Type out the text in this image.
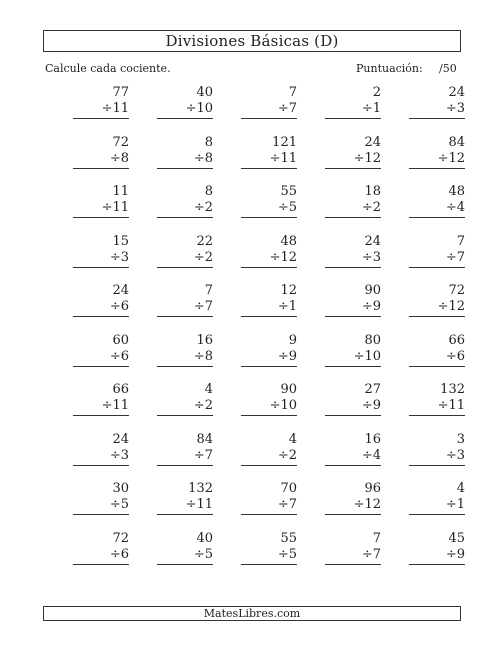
Divisiones Básicas (D)
Calcule cada cociente.	Puntuación: /50
77
÷11
40
÷10
7
÷7
2
÷1
24
÷3
72
÷8
8
÷8
121
÷11
24
÷12
84
÷12
11
÷11
8
÷2
55
÷5
18
÷2
48
÷4
15
÷3
22
÷2
48
÷12
24
÷3
7
÷7
24
÷6
7
÷7
12
÷1
90
÷9
72
÷12
60
÷6
16
÷8
9
÷9
80
÷10
66
÷6
66
÷11
4
÷2
90
÷10
27
÷9
132
÷11
24
÷3
84
÷7
4
÷2
16
÷4
3
÷3
30
÷5
132
÷11
70
÷7
96
÷12
4
÷1
72
÷6
40
÷5
55
÷5
7
÷7
45
÷9
MatesLibres.com
